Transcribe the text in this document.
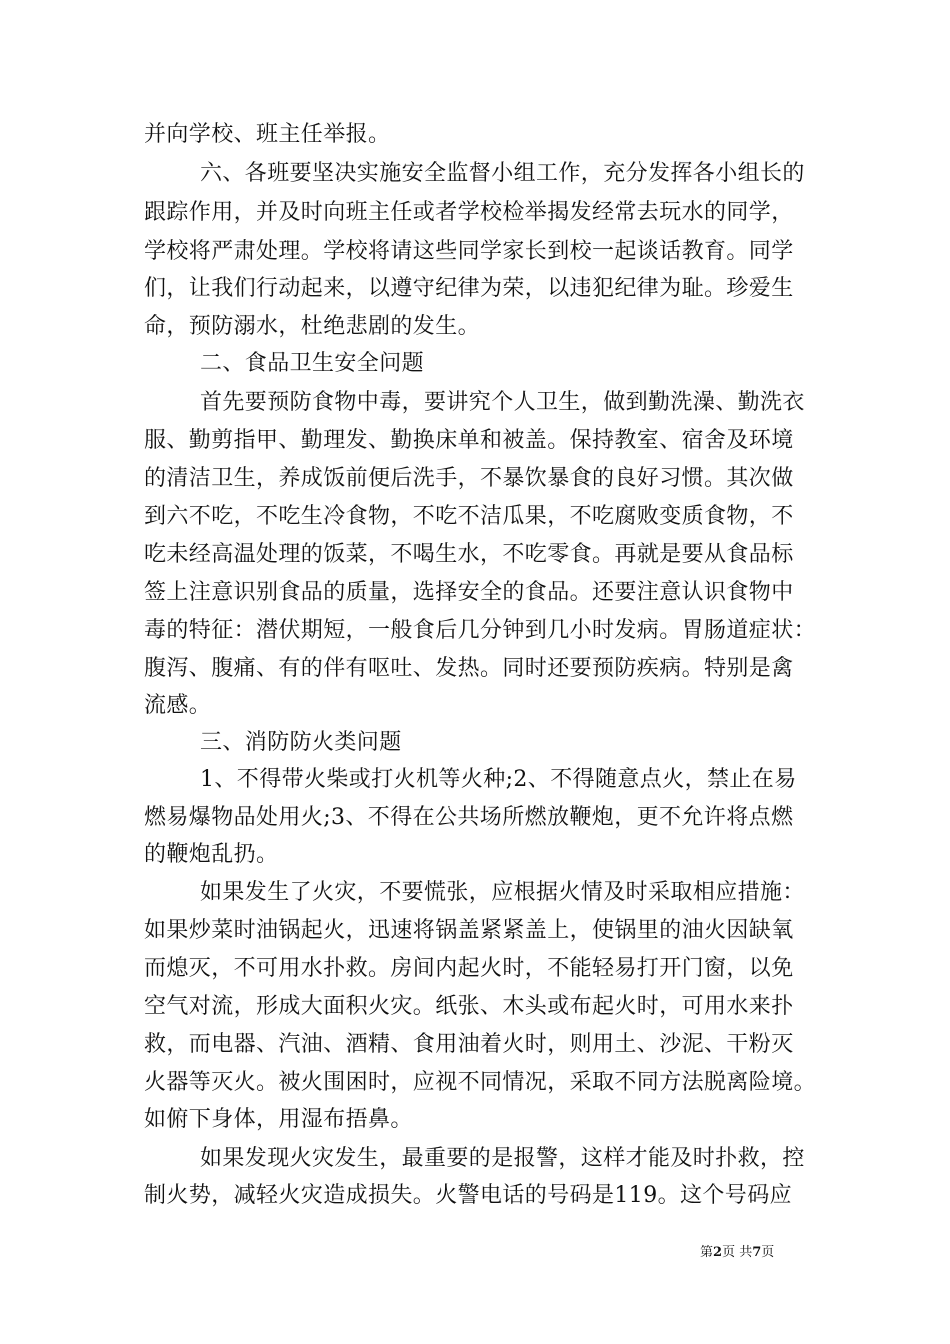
并向学校、班主任举报。
六、各班要坚决实施安全监督小组工作，充分发挥各小组长的
跟踪作用，并及时向班主任或者学校检举揭发经常去玩水的同学，
学校将严肃处理。学校将请这些同学家长到校一起谈话教育。同学
们，让我们行动起来，以遵守纪律为荣，以违犯纪律为耻。珍爱生
命，预防溺水，杜绝悲剧的发生。
二、食品卫生安全问题
首先要预防食物中毒，要讲究个人卫生，做到勤洗澡、勤洗衣
服、勤剪指甲、勤理发、勤换床单和被盖。保持教室、宿舍及环境
的清洁卫生，养成饭前便后洗手，不暴饮暴食的良好习惯。其次做
到六不吃，不吃生冷食物，不吃不洁瓜果，不吃腐败变质食物，不
吃未经高温处理的饭菜，不喝生水，不吃零食。再就是要从食品标
签上注意识别食品的质量，选择安全的食品。还要注意认识食物中
毒的特征：潜伏期短，一般食后几分钟到几小时发病。胃肠道症状：
腹泻、腹痛、有的伴有呕吐、发热。同时还要预防疾病。特别是禽
流感。
三、消防防火类问题
1、不得带火柴或打火机等火种;2、不得随意点火，禁止在易
燃易爆物品处用火;3、不得在公共场所燃放鞭炮，更不允许将点燃
的鞭炮乱扔。
如果发生了火灾，不要慌张，应根据火情及时采取相应措施：
如果炒菜时油锅起火，迅速将锅盖紧紧盖上，使锅里的油火因缺氧
而熄灭，不可用水扑救。房间内起火时，不能轻易打开门窗，以免
空气对流，形成大面积火灾。纸张、木头或布起火时，可用水来扑
救，而电器、汽油、酒精、食用油着火时，则用土、沙泥、干粉灭
火器等灭火。被火围困时，应视不同情况，采取不同方法脱离险境。
如俯下身体，用湿布捂鼻。
如果发现火灾发生，最重要的是报警，这样才能及时扑救，控
制火势，减轻火灾造成损失。火警电话的号码是119。这个号码应
第2页 共7页
